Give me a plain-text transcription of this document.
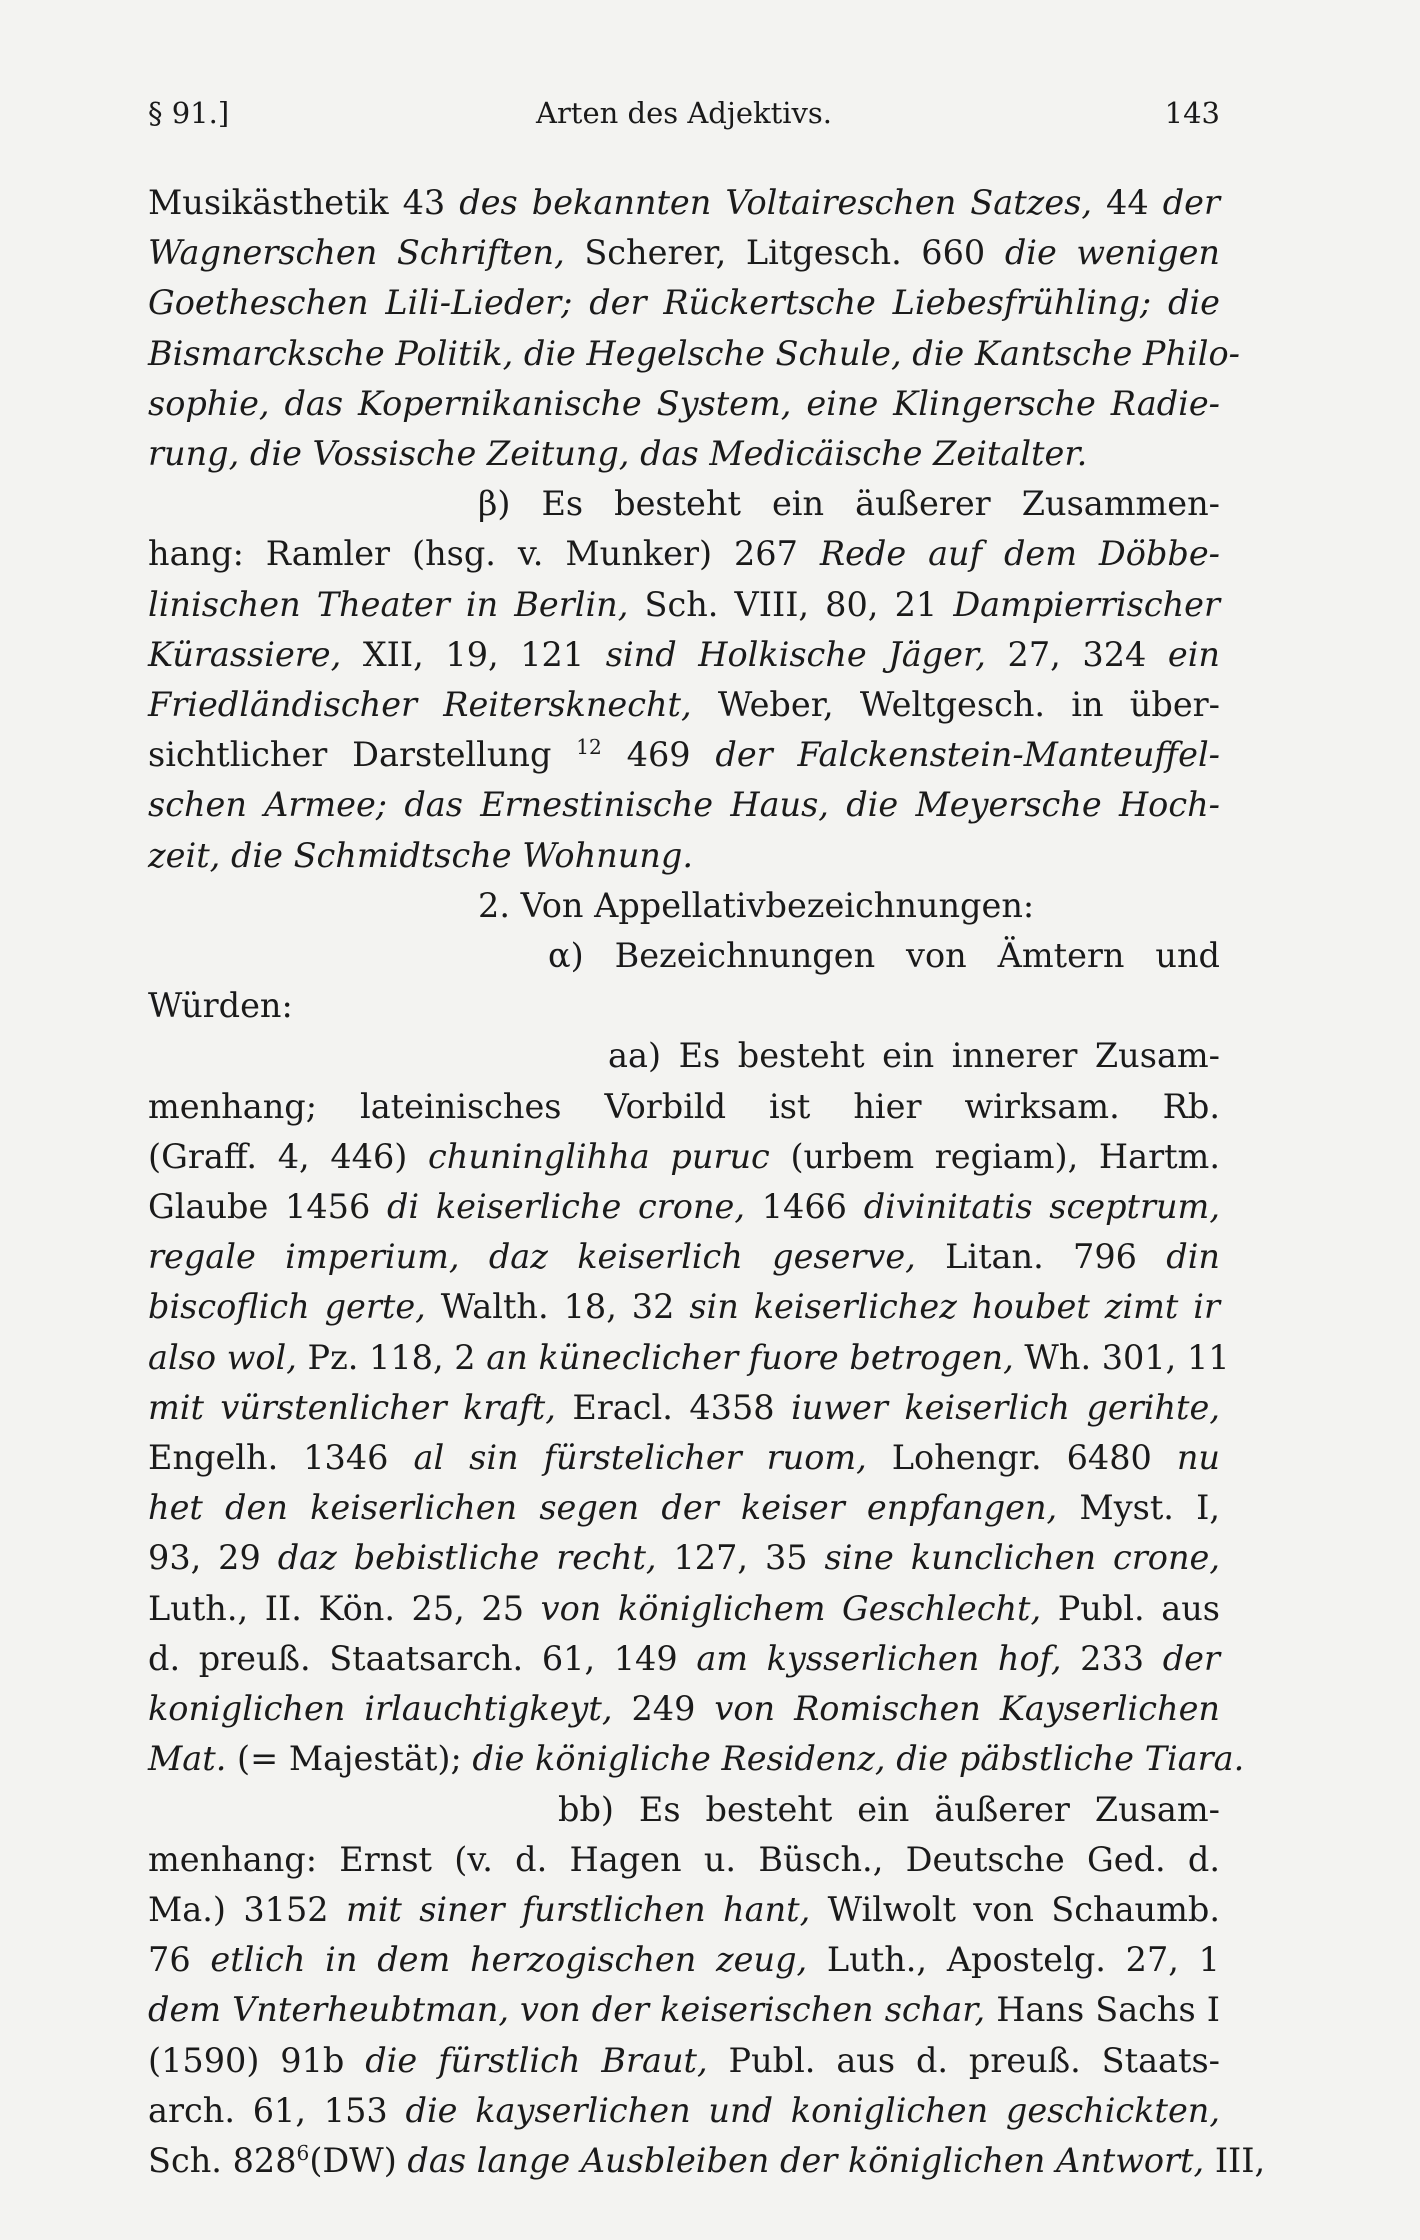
§ 91.]	Arten des Adjektivs.	143
Musikästhetik 43 des bekannten Voltaireschen Satzes, 44 der
Wagnerschen Schriften, Scherer, Litgesch. 660 die wenigen
Goetheschen Lili-Lieder; der Rückertsche Liebesfrühling; die
Bismarcksche Politik, die Hegelsche Schule, die Kantsche Philo-
sophie, das Kopernikanische System, eine Klingersche Radie-
rung, die Vossische Zeitung, das Medicäische Zeitalter.
β) Es besteht ein äußerer Zusammen-
hang: Ramler (hsg. v. Munker) 267 Rede auf dem Döbbe-
linischen Theater in Berlin, Sch. VIII, 80, 21 Dampierrischer
Kürassiere, XII, 19, 121 sind Holkische Jäger, 27, 324 ein
Friedländischer Reitersknecht, Weber, Weltgesch. in über-
sichtlicher Darstellung $^{12}$ 469 der Falckenstein-Manteuffel-
schen Armee; das Ernestinische Haus, die Meyersche Hoch-
zeit, die Schmidtsche Wohnung.
2. Von Appellativbezeichnungen:
α) Bezeichnungen von Ämtern und
Würden:
aa) Es besteht ein innerer Zusam-
menhang; lateinisches Vorbild ist hier wirksam. Rb.
(Graff. 4, 446) chuninglihha puruc (urbem regiam), Hartm.
Glaube 1456 di keiserliche crone, 1466 divinitatis sceptrum,
regale imperium, daz keiserlich geserve, Litan. 796 din
biscoflich gerte, Walth. 18, 32 sin keiserlichez houbet zimt ir
also wol, Pz. 118, 2 an küneclicher fuore betrogen, Wh. 301, 11
mit vürstenlicher kraft, Eracl. 4358 iuwer keiserlich gerihte,
Engelh. 1346 al sin fürstelicher ruom, Lohengr. 6480 nu
het den keiserlichen segen der keiser enpfangen, Myst. I,
93, 29 daz bebistliche recht, 127, 35 sine kunclichen crone,
Luth., II. Kön. 25, 25 von königlichem Geschlecht, Publ. aus
d. preuß. Staatsarch. 61, 149 am kysserlichen hof, 233 der
koniglichen irlauchtigkeyt, 249 von Romischen Kayserlichen
Mat. (= Majestät); die königliche Residenz, die päbstliche Tiara.
bb) Es besteht ein äußerer Zusam-
menhang: Ernst (v. d. Hagen u. Büsch., Deutsche Ged. d.
Ma.) 3152 mit siner furstlichen hant, Wilwolt von Schaumb.
76 etlich in dem herzogischen zeug, Luth., Apostelg. 27, 1
dem Vnterheubtman, von der keiserischen schar, Hans Sachs I
(1590) 91b die fürstlich Braut, Publ. aus d. preuß. Staats-
arch. 61, 153 die kayserlichen und koniglichen geschickten,
Sch. $828^6(DW)$ das lange Ausbleiben der königlichen Antwort, III,
